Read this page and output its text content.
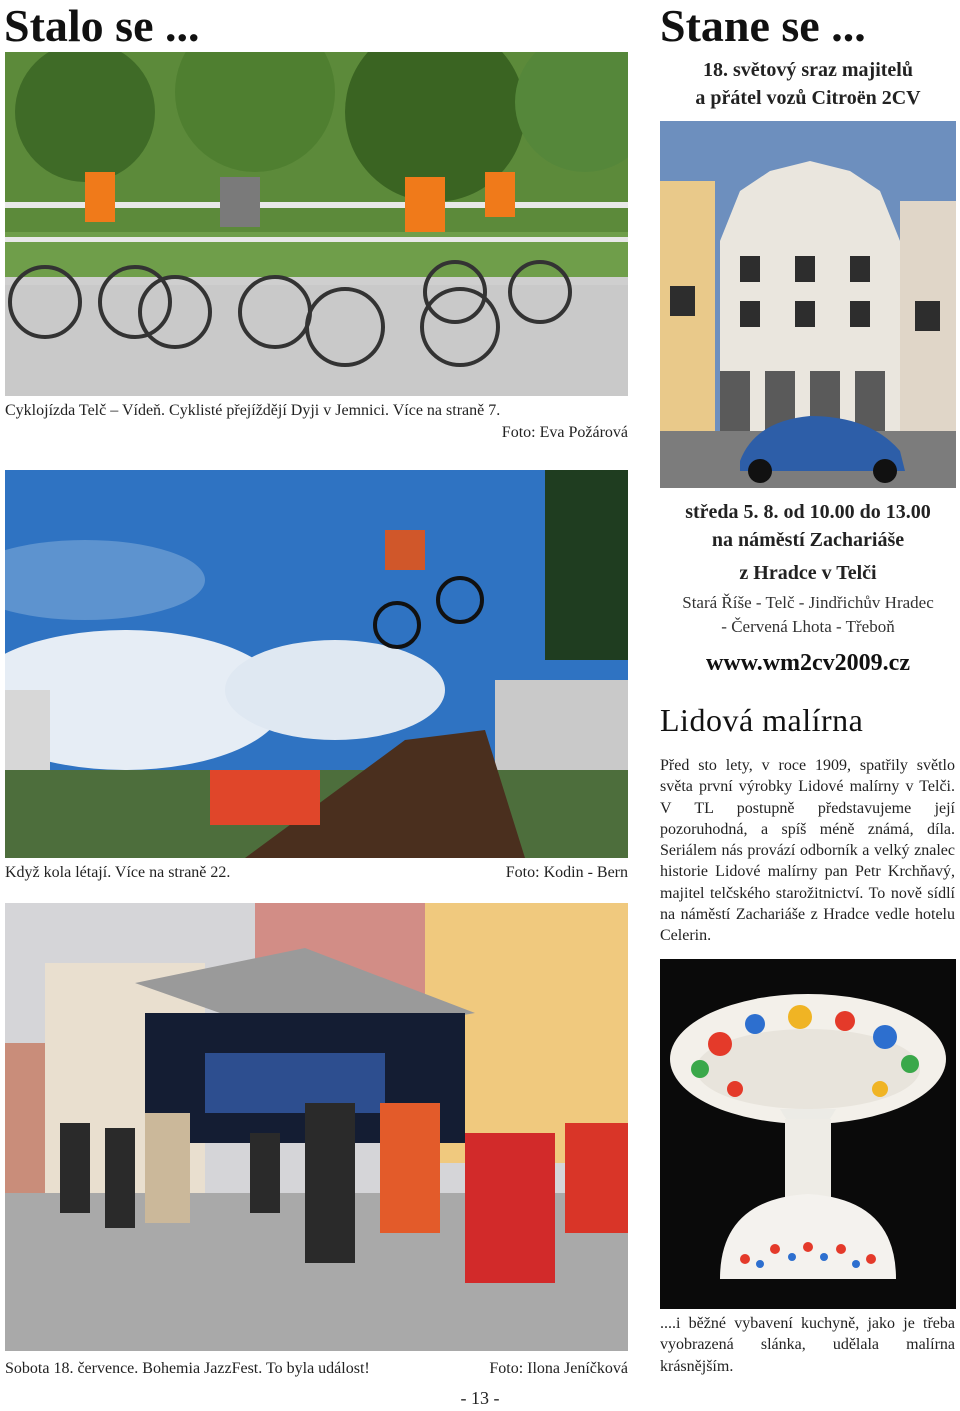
Stalo se ...
Cyklojízda Telč – Vídeň. Cyklisté přejíždějí Dyji v Jemnici. Více na straně 7.
Foto: Eva Požárová
Když kola létají. Více na straně 22.	Foto: Kodin - Bern
Sobota 18. července. Bohemia JazzFest. To byla událost!	Foto: Ilona Jeníčková
Stane se ...
18. světový sraz majitelů
a přátel vozů Citroën 2CV
středa 5. 8. od 10.00 do 13.00
na náměstí Zachariáše
z Hradce v Telči
Stará Říše - Telč - Jindřichův Hradec
- Červená Lhota - Třeboň
www.wm2cv2009.cz
Lidová malírna
Před sto lety, v roce 1909, spatřily světlo světa první výrobky Lidové malírny v Telči. V TL postupně představujeme její pozoruhodná, a spíš méně známá, díla. Seriálem nás provází odborník a velký znalec historie Lidové malírny pan Petr Krchňavý, majitel telčského starožitnictví. To nově sídlí na náměstí Zachariáše z Hradce vedle hotelu Celerin.
....i běžné vybavení kuchyně, jako je třeba vyobrazená slánka, udělala malírna krásnějším.
- 13 -
